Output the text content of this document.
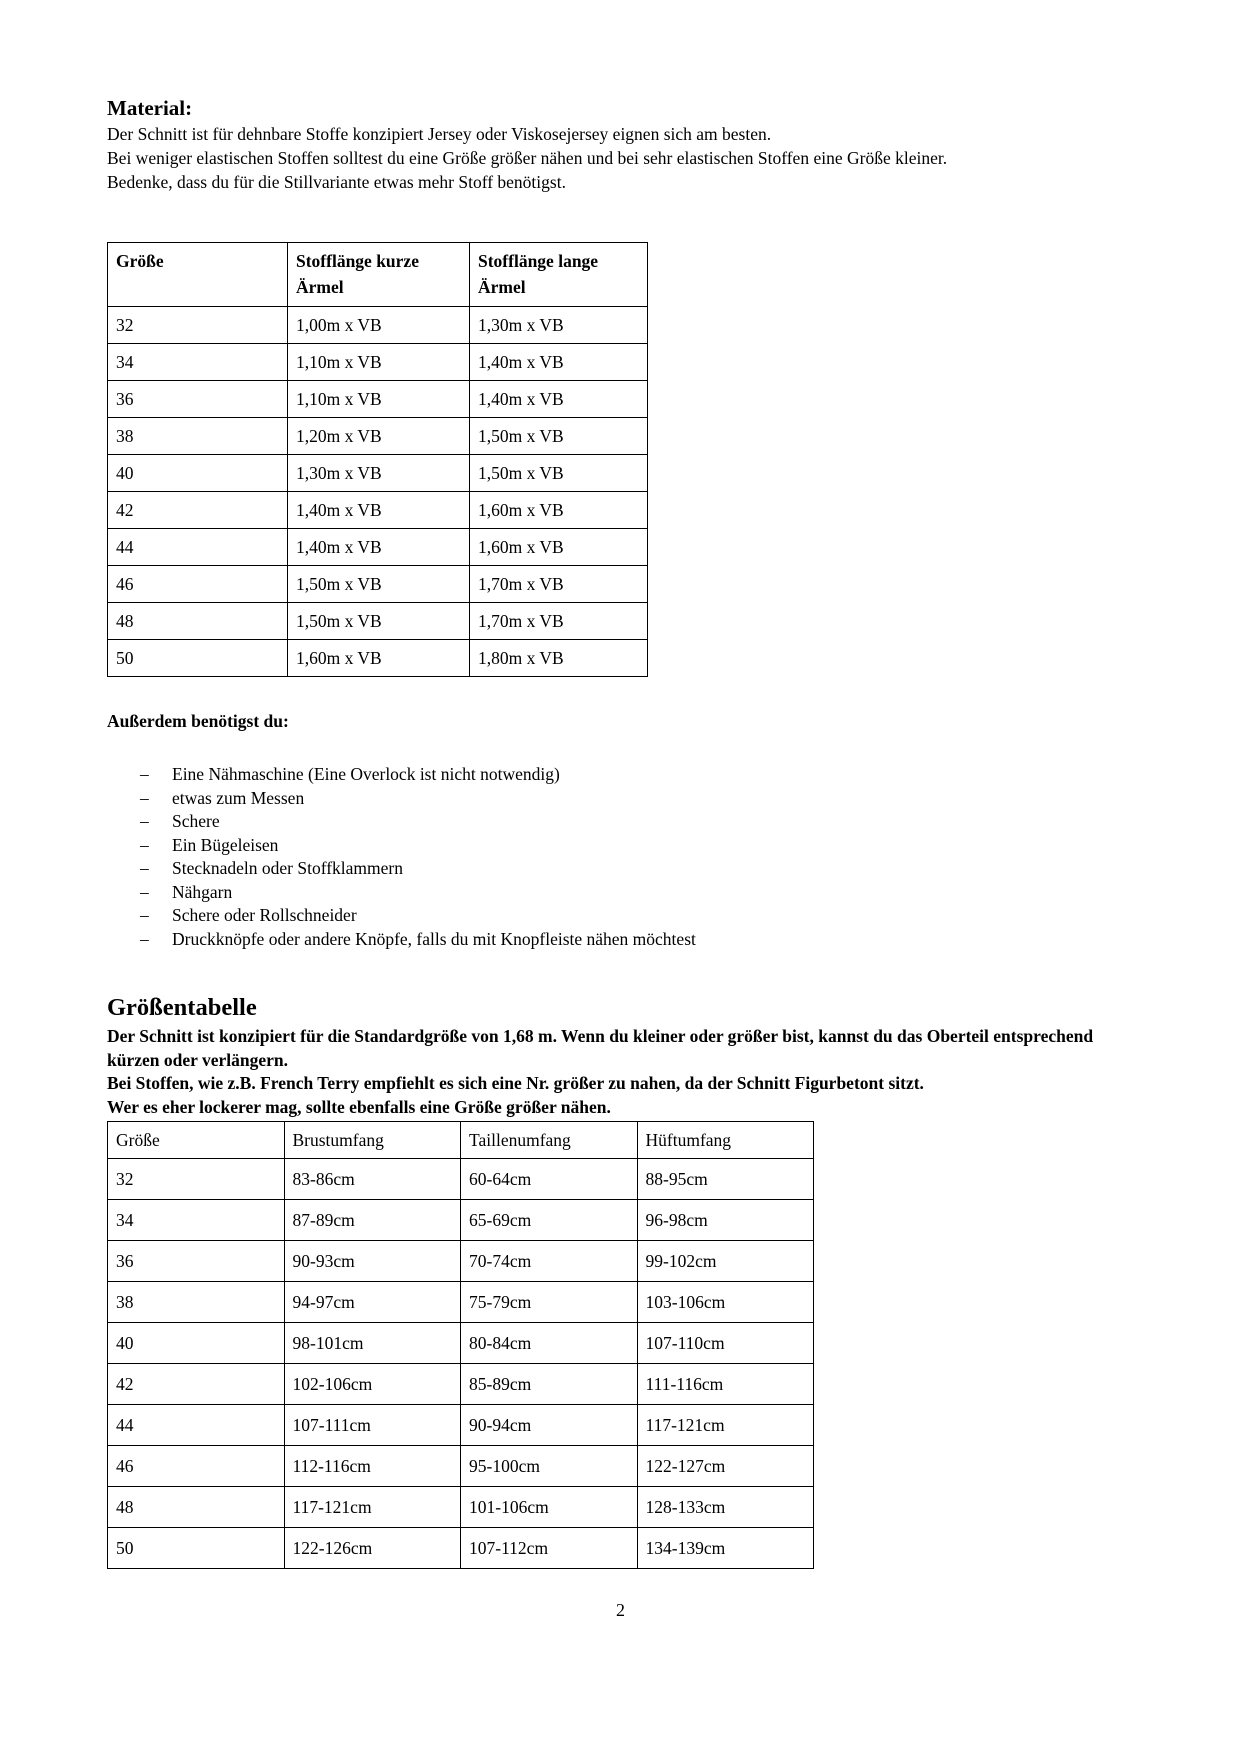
Material:
Der Schnitt ist für dehnbare Stoffe konzipiert Jersey oder Viskosejersey eignen sich am besten.
Bei weniger elastischen Stoffen solltest du eine Größe größer nähen und bei sehr elastischen Stoffen eine Größe kleiner.
Bedenke, dass du für die Stillvariante etwas mehr Stoff benötigst.
Größe	Stofflänge kurze Ärmel	Stofflänge lange Ärmel
32	1,00m x VB	1,30m x VB
34	1,10m x VB	1,40m x VB
36	1,10m x VB	1,40m x VB
38	1,20m x VB	1,50m x VB
40	1,30m x VB	1,50m x VB
42	1,40m x VB	1,60m x VB
44	1,40m x VB	1,60m x VB
46	1,50m x VB	1,70m x VB
48	1,50m x VB	1,70m x VB
50	1,60m x VB	1,80m x VB
Außerdem benötigst du:
–	Eine Nähmaschine (Eine Overlock ist nicht notwendig)
–	etwas zum Messen
–	Schere
–	Ein Bügeleisen
–	Stecknadeln oder Stoffklammern
–	Nähgarn
–	Schere oder Rollschneider
–	Druckknöpfe oder andere Knöpfe, falls du mit Knopfleiste nähen möchtest
Größentabelle
Der Schnitt ist konzipiert für die Standardgröße von 1,68 m. Wenn du kleiner oder größer bist, kannst du das Oberteil entsprechend kürzen oder verlängern.
Bei Stoffen, wie z.B. French Terry empfiehlt es sich eine Nr. größer zu nahen, da der Schnitt Figurbetont sitzt.
Wer es eher lockerer mag, sollte ebenfalls eine Größe größer nähen.
Größe	Brustumfang	Taillenumfang	Hüftumfang
32	83-86cm	60-64cm	88-95cm
34	87-89cm	65-69cm	96-98cm
36	90-93cm	70-74cm	99-102cm
38	94-97cm	75-79cm	103-106cm
40	98-101cm	80-84cm	107-110cm
42	102-106cm	85-89cm	111-116cm
44	107-111cm	90-94cm	117-121cm
46	112-116cm	95-100cm	122-127cm
48	117-121cm	101-106cm	128-133cm
50	122-126cm	107-112cm	134-139cm
2
